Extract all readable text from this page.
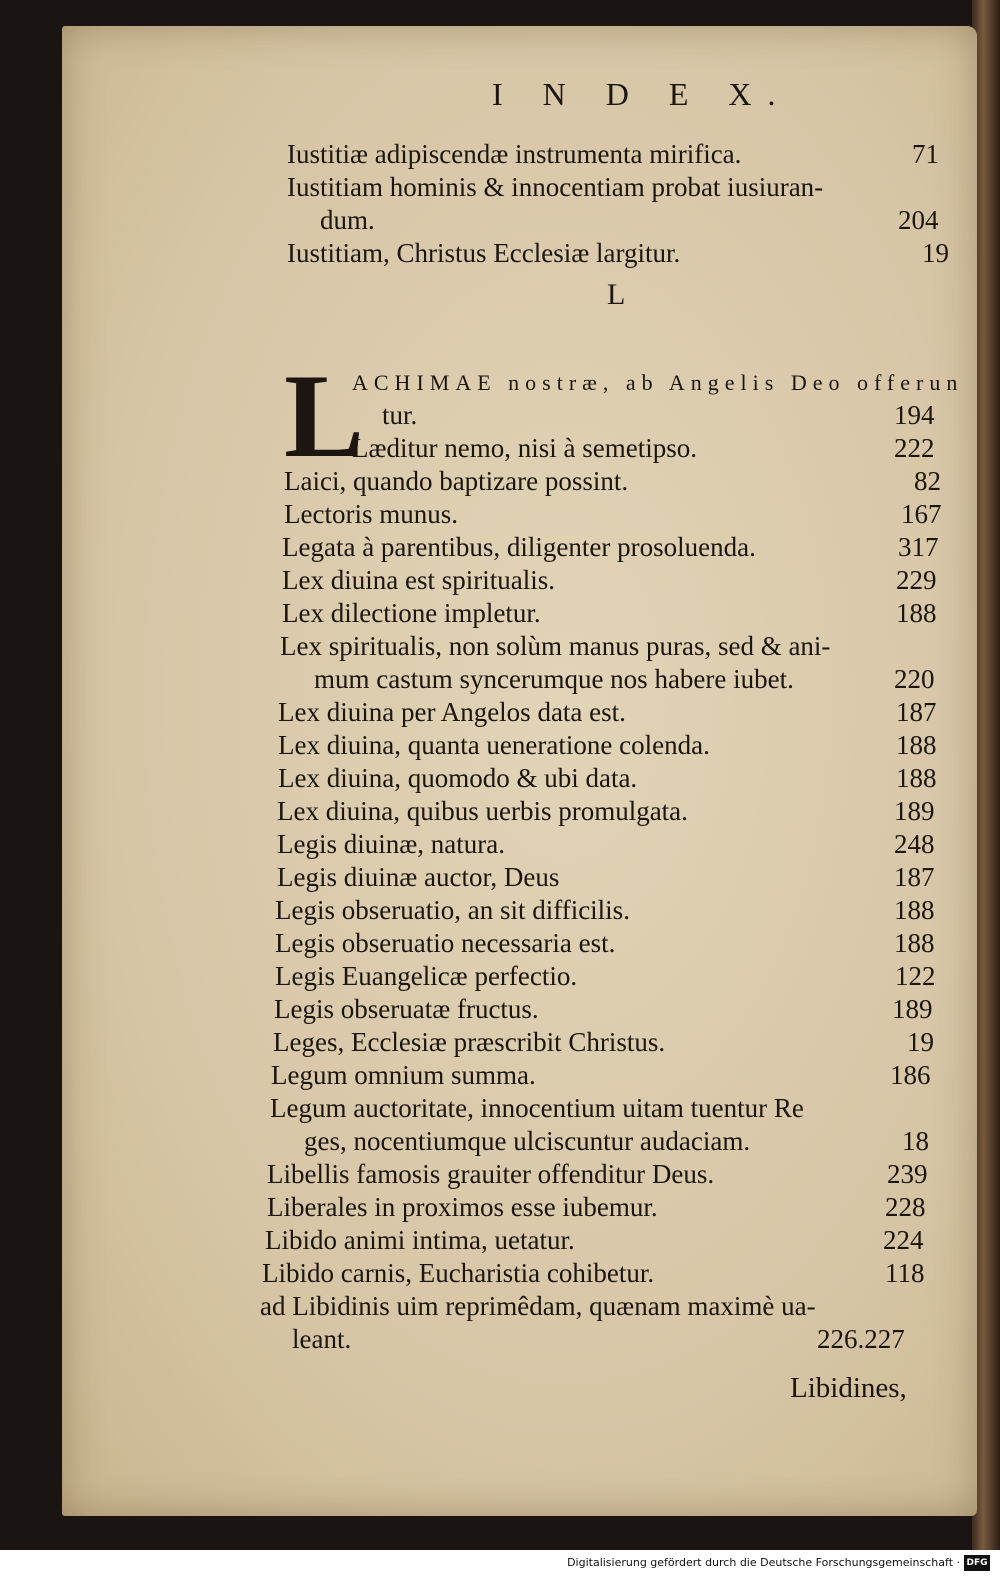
I N D E X.
Iustitiæ adipiscendæ instrumenta mirifica.	71
Iustitiam hominis & innocentiam probat iusiuran-
dum.	204
Iustitiam, Christus Ecclesiæ largitur.	19
L
L
ACHIMAE nostræ, ab Angelis Deo offerun
tur.	194
Læditur nemo, nisi à semetipso.	222
Laici, quando baptizare possint.	82
Lectoris munus.	167
Legata à parentibus, diligenter prosoluenda.	317
Lex diuina est spiritualis.	229
Lex dilectione impletur.	188
Lex spiritualis, non solùm manus puras, sed & ani-
mum castum syncerumque nos habere iubet.	220
Lex diuina per Angelos data est.	187
Lex diuina, quanta ueneratione colenda.	188
Lex diuina, quomodo & ubi data.	188
Lex diuina, quibus uerbis promulgata.	189
Legis diuinæ, natura.	248
Legis diuinæ auctor, Deus	187
Legis obseruatio, an sit difficilis.	188
Legis obseruatio necessaria est.	188
Legis Euangelicæ perfectio.	122
Legis obseruatæ fructus.	189
Leges, Ecclesiæ præscribit Christus.	19
Legum omnium summa.	186
Legum auctoritate, innocentium uitam tuentur Re
ges, nocentiumque ulciscuntur audaciam.	18
Libellis famosis grauiter offenditur Deus.	239
Liberales in proximos esse iubemur.	228
Libido animi intima, uetatur.	224
Libido carnis, Eucharistia cohibetur.	118
ad Libidinis uim reprimêdam, quænam maximè ua-
leant.	226.227
Libidines,
Digitalisierung gefördert durch die Deutsche Forschungsgemeinschaft · DFG
